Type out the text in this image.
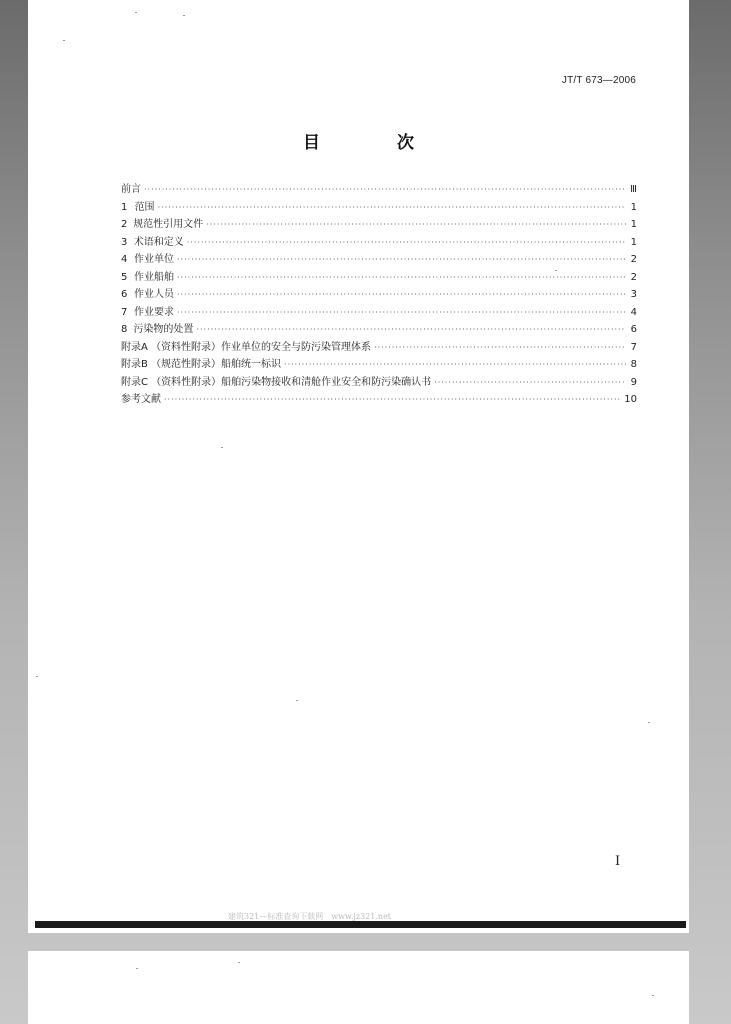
JT/T 673—2006
目　次
前言 ·····	Ⅲ
1 范围 ·····	1
2 规范性引用文件 ·····	1
3 术语和定义 ·····	1
4 作业单位 ·····	2
5 作业船舶 ·····	2
6 作业人员 ·····	3
7 作业要求 ·····	4
8 污染物的处置 ·····	6
附录A （资料性附录）作业单位的安全与防污染管理体系 ·····	7
附录B （规范性附录）船舶统一标识 ·····	8
附录C （资料性附录）船舶污染物接收和清舱作业安全和防污染确认书 ·····	9
参考文献 ·····	10
I
建筑321—标准查询下载网　www.jz321.net
